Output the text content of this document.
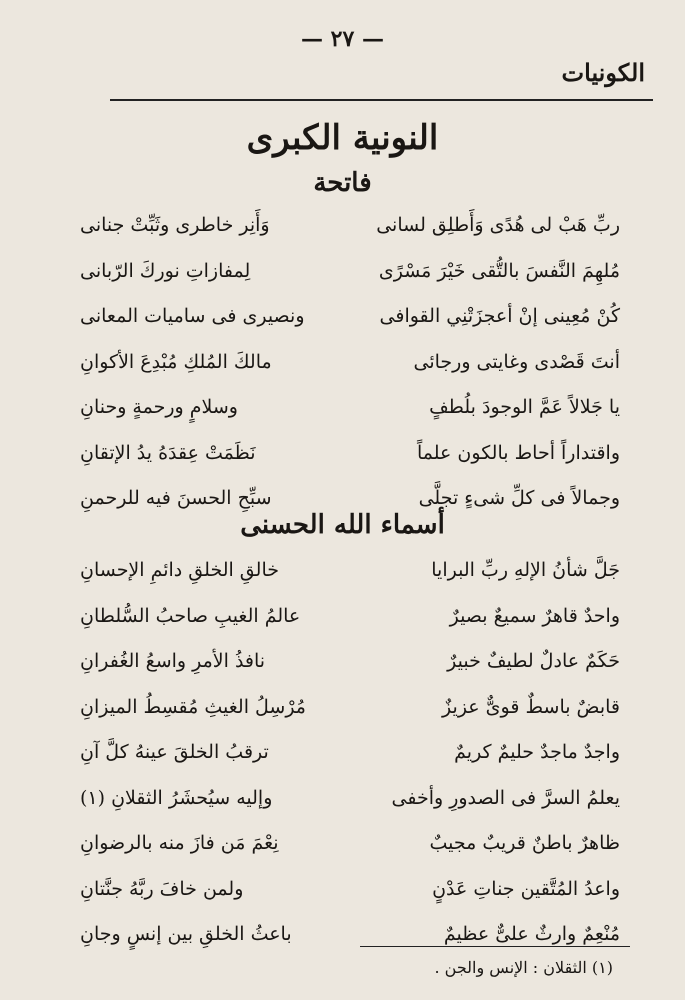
— ٢٧ —
الكونيات
النونية الكبرى
فاتحة
ربِّ هَبْ لى هُدًى وَأَطلِق لسانى
وَأَنِر خاطرى وثَبِّتْ جنانى
مُلهِمَ النَّفسَ بالتُّقى خَيْرَ مَسْرًى
لِمفازاتِ نوركَ الرّبانى
كُنْ مُعِينى إنْ أعجزَتْنِي القوافى
ونصيرى فى ساميات المعانى
أنتَ قَصْدى وغايتى ورجائى
مالكَ المُلكِ مُبْدِعَ الأكوانِ
يا جَلالاً عَمَّ الوجودَ بلُطفٍ
وسلامٍ ورحمةٍ وحنانِ
واقتداراً أحاط بالكون علماً
نَظَمَتْ عِقدَهُ يدُ الإتقانِ
وجمالاً فى كلِّ شىءٍ تجلَّى
سبِّحِ الحسنَ فيه للرحمنِ
أسماء الله الحسنى
جَلَّ شأنُ الإلهِ ربِّ البرايا
خالقِ الخلقِ دائمِ الإحسانِ
واحدٌ قاهرٌ سميعٌ بصيرٌ
عالمُ الغيبِ صاحبُ السُّلطانِ
حَكَمٌ عادلٌ لطيفٌ خبيرٌ
نافذُ الأمرِ واسعُ الغُفرانِ
قابضٌ باسطٌ قوىٌّ عزيزٌ
مُرْسِلُ الغيثِ مُقسِطُ الميزانِ
واجدٌ ماجدٌ حليمٌ كريمٌ
ترقبُ الخلقَ عينهُ كلَّ آنِ
يعلمُ السرَّ فى الصدورِ وأخفى
وإليه سيُحشَرُ الثقلانِ (١)
ظاهرٌ باطنٌ قريبٌ مجيبٌ
نِعْمَ مَن فازَ منه بالرضوانِ
واعدُ المُتَّقين جناتِ عَدْنٍ
ولمن خافَ ربَّهُ جنَّتانِ
مُنْعِمٌ وارثٌ علىٌّ عظيمٌ
باعثُ الخلقِ بين إنسٍ وجانِ
(١) الثقلان : الإنس والجن .
